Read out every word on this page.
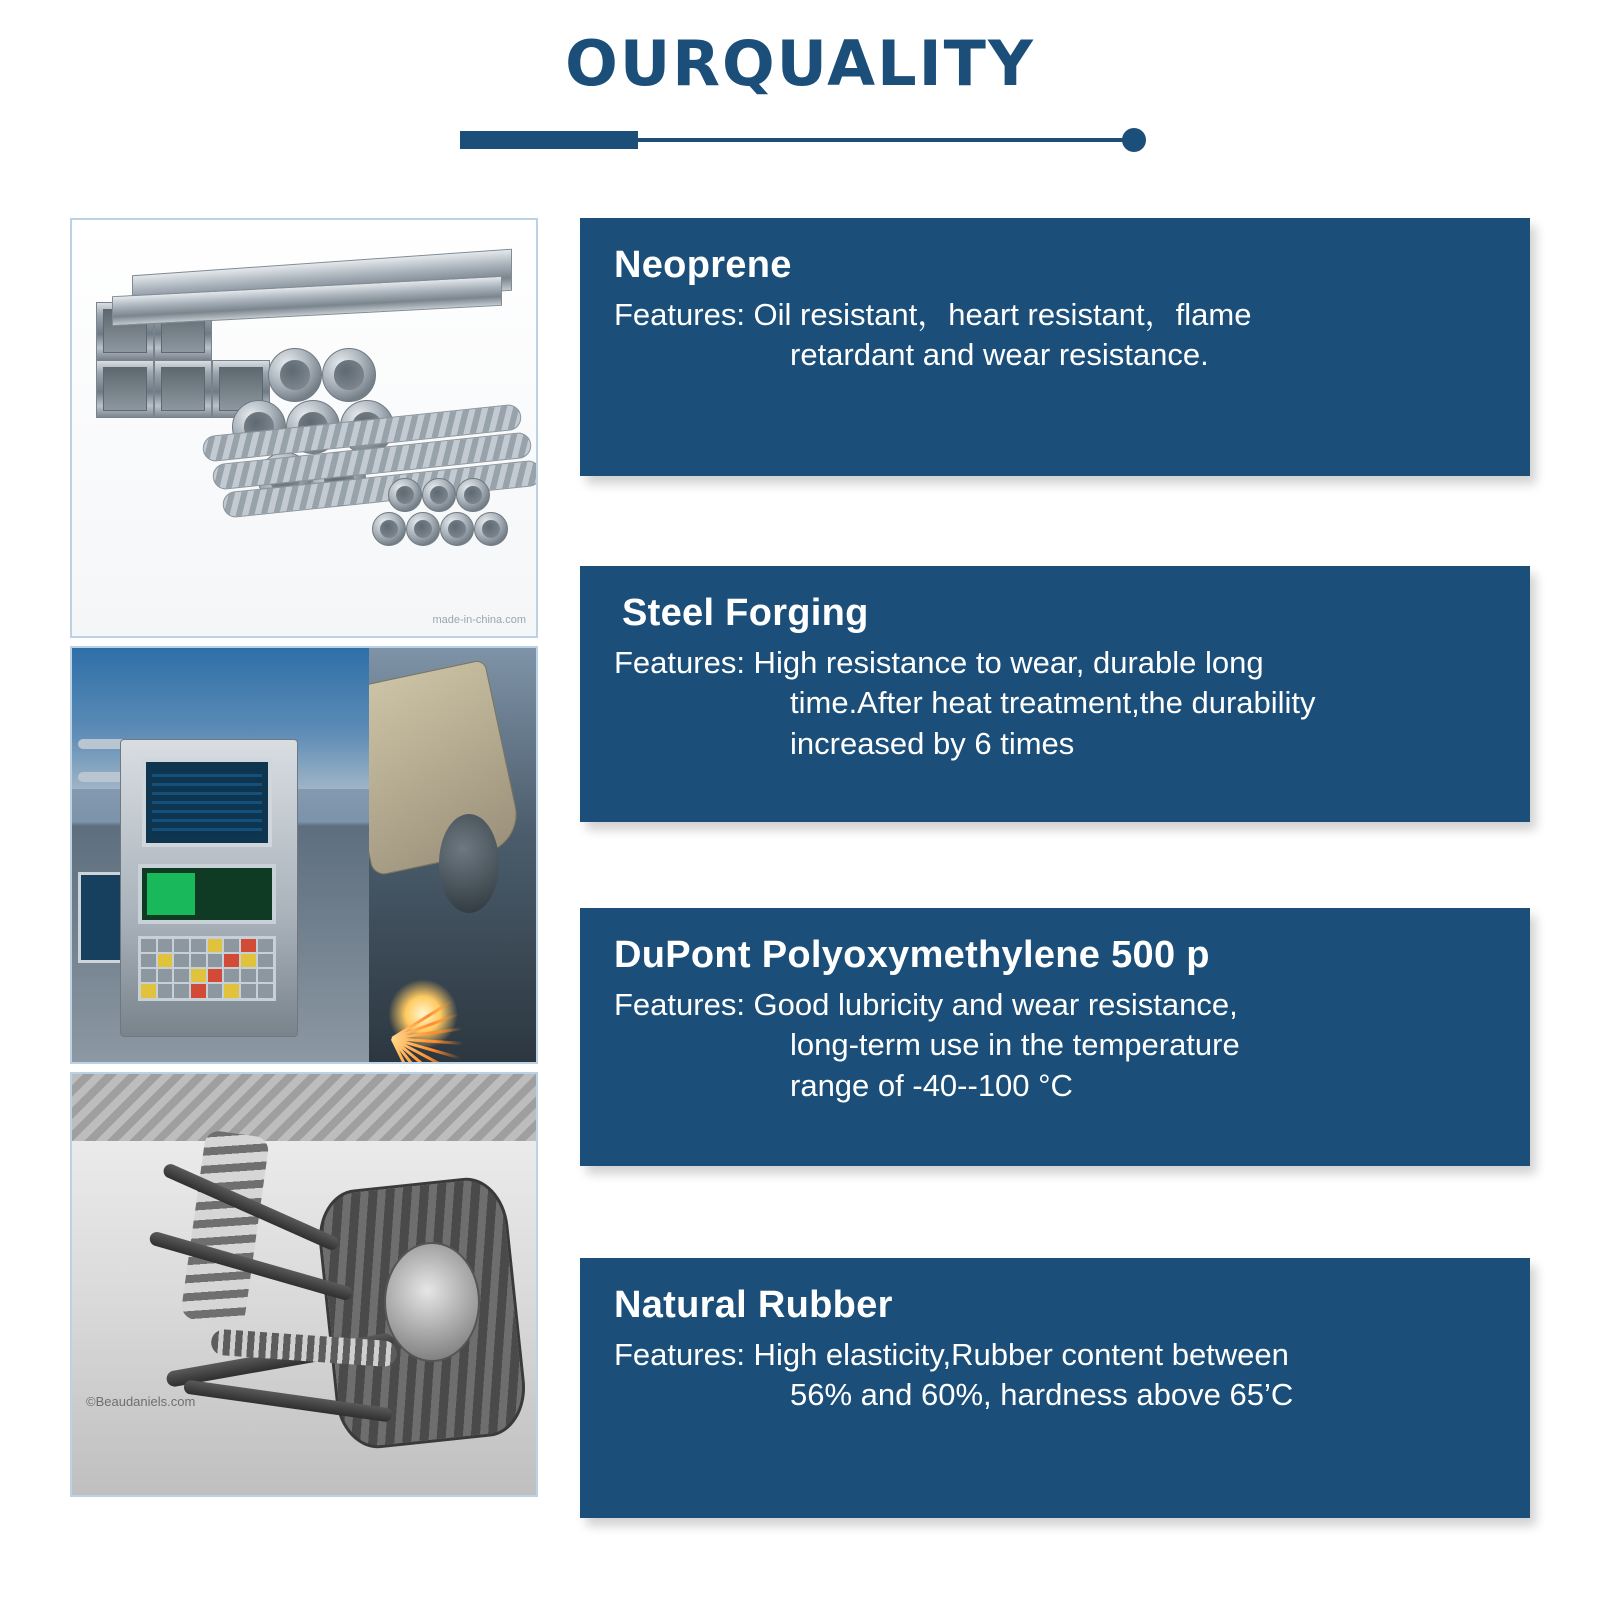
OURQUALITY
made-in-china.com
©Beaudaniels.com
Neoprene
Features: Oil resistant，heart resistant，flame
retardant and wear resistance.
Steel Forging
Features: High resistance to wear, durable long
time.After heat treatment,the durability
increased by 6 times
DuPont Polyoxymethylene 500 p
Features: Good lubricity and wear resistance,
long-term use in the temperature
range of -40--100 °C
Natural Rubber
Features: High elasticity,Rubber content between
56% and 60%, hardness above 65’C
